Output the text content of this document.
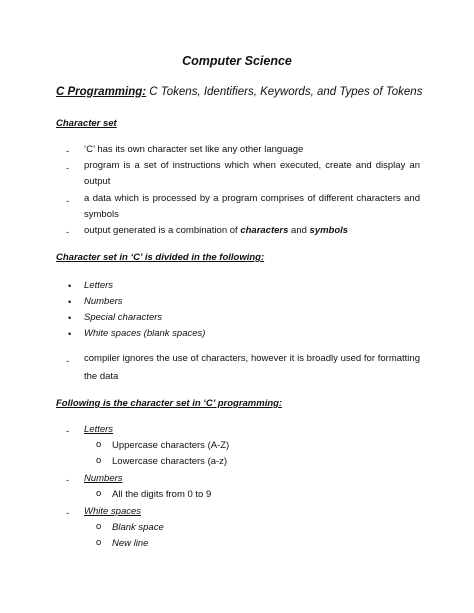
Computer Science
C Programming: C Tokens, Identifiers, Keywords, and Types of Tokens
Character set
- ‘C’ has its own character set like any other language
- program is a set of instructions which when executed, create and display an
output
- a data which is processed by a program comprises of different characters and
symbols
- output generated is a combination of characters and symbols
Character set in ‘C’ is divided in the following:
• Letters
• Numbers
• Special characters
• White spaces (blank spaces)
- compiler ignores the use of characters, however it is broadly used for formatting
the data
Following is the character set in ‘C’ programming:
- Letters
o Uppercase characters (A-Z)
o Lowercase characters (a-z)
- Numbers
o All the digits from 0 to 9
- White spaces
o Blank space
o New line
